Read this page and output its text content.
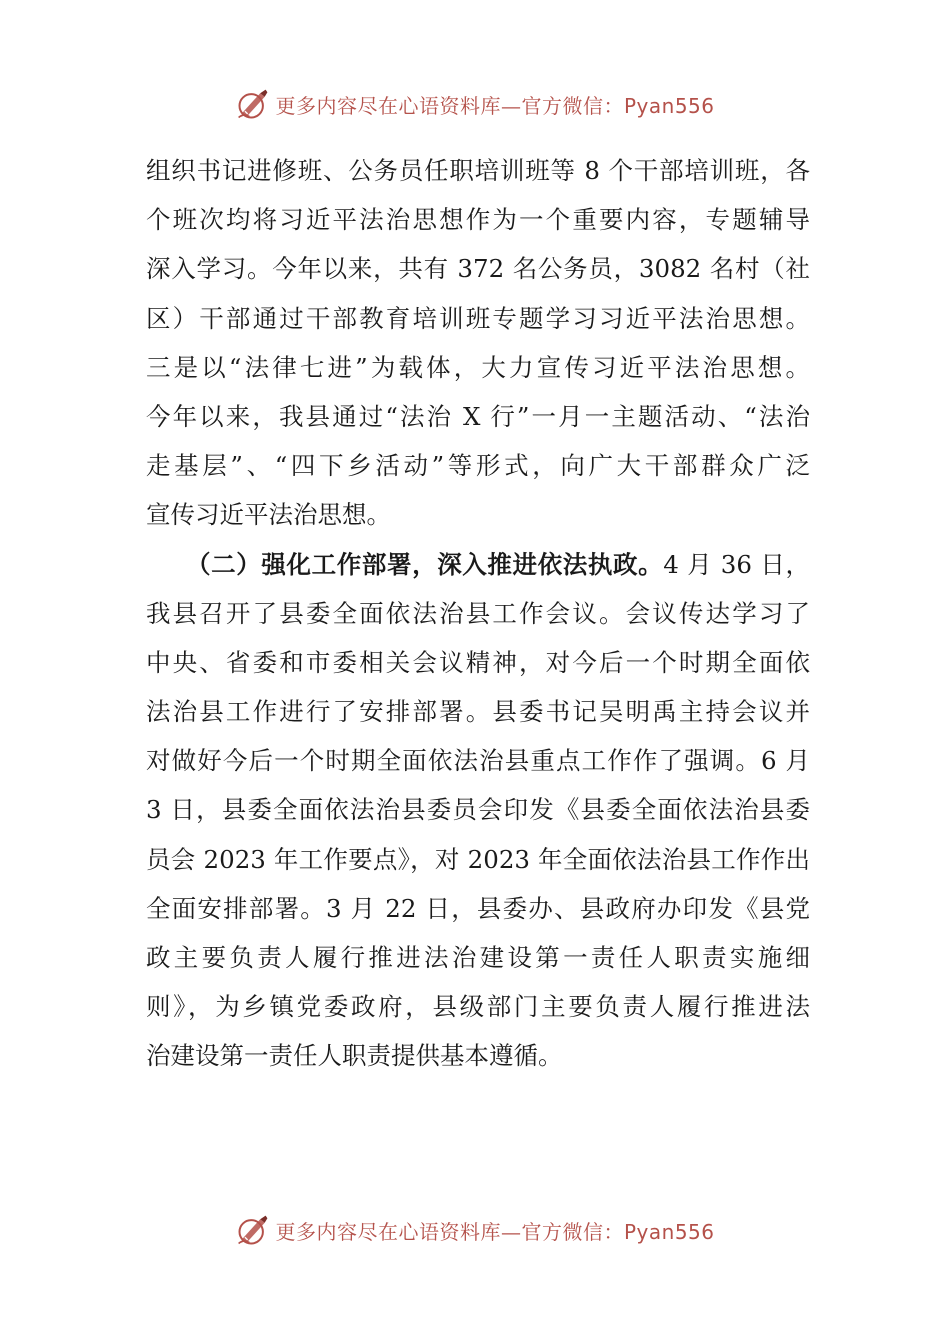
更多内容尽在心语资料库—官方微信：Pyan556
组织书记进修班、公务员任职培训班等 8 个干部培训班，各
个班次均将习近平法治思想作为一个重要内容，专题辅导
深入学习。今年以来，共有 372 名公务员，3082 名村（社
区）干部通过干部教育培训班专题学习习近平法治思想。
三是以“法律七进”为载体，大力宣传习近平法治思想。
今年以来，我县通过“法治 X 行”一月一主题活动、“法治
走基层”、“四下乡活动”等形式，向广大干部群众广泛
宣传习近平法治思想。
（二）强化工作部署，深入推进依法执政。4 月 36 日，
我县召开了县委全面依法治县工作会议。会议传达学习了
中央、省委和市委相关会议精神，对今后一个时期全面依
法治县工作进行了安排部署。县委书记吴明禹主持会议并
对做好今后一个时期全面依法治县重点工作作了强调。6 月
3 日，县委全面依法治县委员会印发《县委全面依法治县委
员会 2023 年工作要点》，对 2023 年全面依法治县工作作出
全面安排部署。3 月 22 日，县委办、县政府办印发《县党
政主要负责人履行推进法治建设第一责任人职责实施细
则》，为乡镇党委政府，县级部门主要负责人履行推进法
治建设第一责任人职责提供基本遵循。
更多内容尽在心语资料库—官方微信：Pyan556
